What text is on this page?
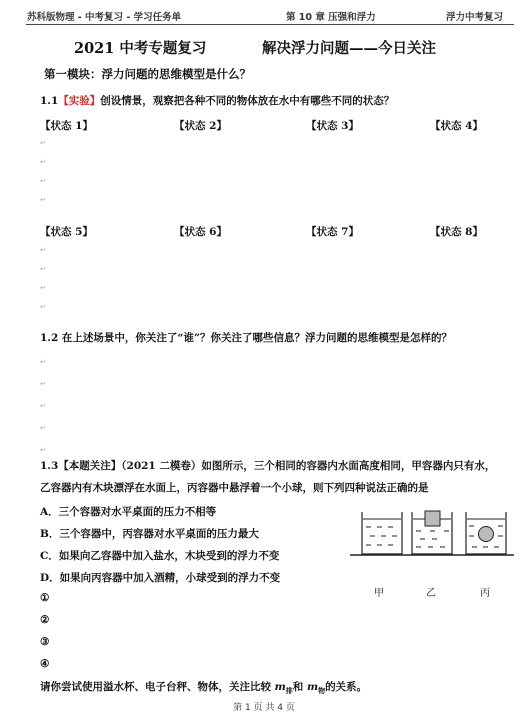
苏科版物理 - 中考复习 - 学习任务单	第 10 章 压强和浮力	浮力中考复习
2021 中考专题复习	解决浮力问题——今日关注
第一模块：浮力问题的思维模型是什么？
1.1【实验】创设情景，观察把各种不同的物体放在水中有哪些不同的状态？
【状态 1】	【状态 2】	【状态 3】	【状态 4】
↵
↵
↵
↵
【状态 5】	【状态 6】	【状态 7】	【状态 8】
↵
↵
↵
↵
1.2 在上述场景中，你关注了“谁”？你关注了哪些信息？浮力问题的思维模型是怎样的？
↵
↵
↵
↵
↵
1.3【本题关注】（2021 二模卷）如图所示，三个相同的容器内水面高度相同，甲容器内只有水，
乙容器内有木块漂浮在水面上，丙容器中悬浮着一个小球，则下列四种说法正确的是
A．三个容器对水平桌面的压力不相等
B．三个容器中，丙容器对水平桌面的压力最大
C．如果向乙容器中加入盐水，木块受到的浮力不变
D．如果向丙容器中加入酒精，小球受到的浮力不变
①
②
③
④
甲	乙	丙
请你尝试使用溢水杯、电子台秤、物体，关注比较 $m_排$和 $m_物$的关系。
第 1 页 共 4 页
